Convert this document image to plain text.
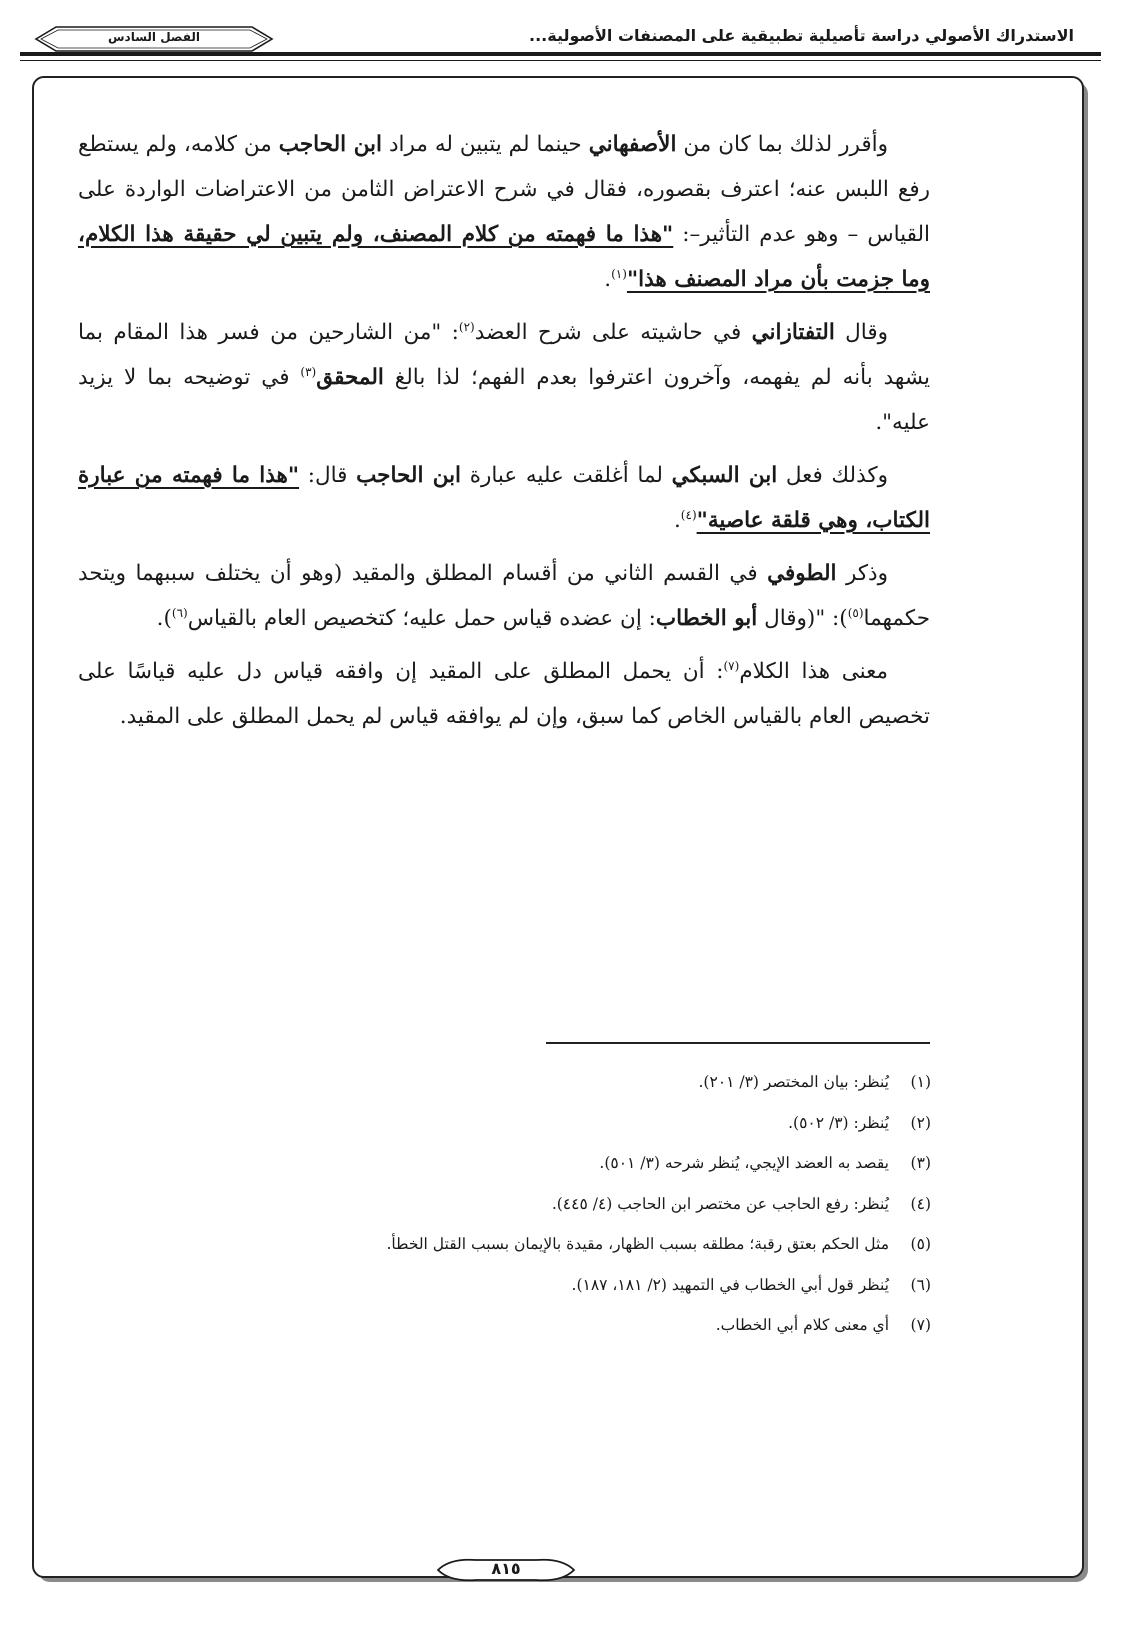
الاستدراك الأصولي دراسة تأصيلية تطبيقية على المصنفات الأصولية...
الفصل السادس

وأقرر لذلك بما كان من الأصفهاني حينما لم يتبين له مراد ابن الحاجب من كلامه، ولم يستطع رفع اللبس عنه؛ اعترف بقصوره، فقال في شرح الاعتراض الثامن من الاعتراضات الواردة على القياس – وهو عدم التأثير–: "هذا ما فهمته من كلام المصنف، ولم يتبين لي حقيقة هذا الكلام، وما جزمت بأن مراد المصنف هذا"$^{(١)}$.

وقال التفتازاني في حاشيته على شرح العضد$^{(٢)}$: "من الشارحين من فسر هذا المقام بما يشهد بأنه لم يفهمه، وآخرون اعترفوا بعدم الفهم؛ لذا بالغ المحقق$^{(٣)}$ في توضيحه بما لا يزيد عليه".

وكذلك فعل ابن السبكي لما أغلقت عليه عبارة ابن الحاجب قال: "هذا ما فهمته من عبارة الكتاب، وهي قلقة عاصية"$^{(٤)}$.

وذكر الطوفي في القسم الثاني من أقسام المطلق والمقيد (وهو أن يختلف سببهما ويتحد حكمهما$^{(٥)}$): "(وقال أبو الخطاب: إن عضده قياس حمل عليه؛ كتخصيص العام بالقياس$^{(٦)}$).

معنى هذا الكلام$^{(٧)}$: أن يحمل المطلق على المقيد إن وافقه قياس دل عليه قياسًا على تخصيص العام بالقياس الخاص كما سبق، وإن لم يوافقه قياس لم يحمل المطلق على المقيد.

(١)
يُنظر: بيان المختصر (٣/ ٢٠١).
(٢)
يُنظر: (٣/ ٥٠٢).
(٣)
يقصد به العضد الإيجي، يُنظر شرحه (٣/ ٥٠١).
(٤)
يُنظر: رفع الحاجب عن مختصر ابن الحاجب (٤/ ٤٤٥).
(٥)
مثل الحكم بعتق رقبة؛ مطلقه بسبب الظهار، مقيدة بالإيمان بسبب القتل الخطأ.
(٦)
يُنظر قول أبي الخطاب في التمهيد (٢/ ١٨١، ١٨٧).
(٧)
أي معنى كلام أبي الخطاب.
٨١٥
